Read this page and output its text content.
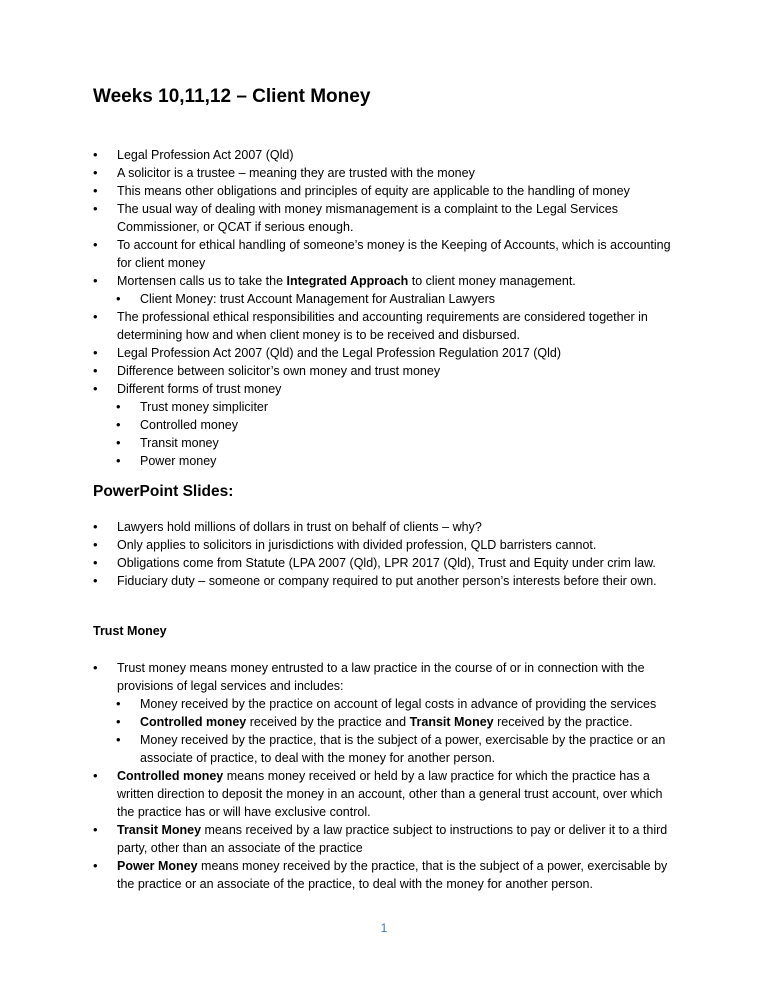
Weeks 10,11,12 – Client Money
• Legal Profession Act 2007 (Qld)
• A solicitor is a trustee – meaning they are trusted with the money
• This means other obligations and principles of equity are applicable to the handling of money
• The usual way of dealing with money mismanagement is a complaint to the Legal Services Commissioner, or QCAT if serious enough.
• To account for ethical handling of someone’s money is the Keeping of Accounts, which is accounting for client money
• Mortensen calls us to take the Integrated Approach to client money management.
• Client Money: trust Account Management for Australian Lawyers
• The professional ethical responsibilities and accounting requirements are considered together in determining how and when client money is to be received and disbursed.
• Legal Profession Act 2007 (Qld) and the Legal Profession Regulation 2017 (Qld)
• Difference between solicitor’s own money and trust money
• Different forms of trust money
• Trust money simpliciter
• Controlled money
• Transit money
• Power money
PowerPoint Slides:
• Lawyers hold millions of dollars in trust on behalf of clients – why?
• Only applies to solicitors in jurisdictions with divided profession, QLD barristers cannot.
• Obligations come from Statute (LPA 2007 (Qld), LPR 2017 (Qld), Trust and Equity under crim law.
• Fiduciary duty – someone or company required to put another person’s interests before their own.
Trust Money
• Trust money means money entrusted to a law practice in the course of or in connection with the provisions of legal services and includes:
• Money received by the practice on account of legal costs in advance of providing the services
• Controlled money received by the practice and Transit Money received by the practice.
• Money received by the practice, that is the subject of a power, exercisable by the practice or an associate of practice, to deal with the money for another person.
• Controlled money means money received or held by a law practice for which the practice has a written direction to deposit the money in an account, other than a general trust account, over which the practice has or will have exclusive control.
• Transit Money means received by a law practice subject to instructions to pay or deliver it to a third party, other than an associate of the practice
• Power Money means money received by the practice, that is the subject of a power, exercisable by the practice or an associate of the practice, to deal with the money for another person.
1
